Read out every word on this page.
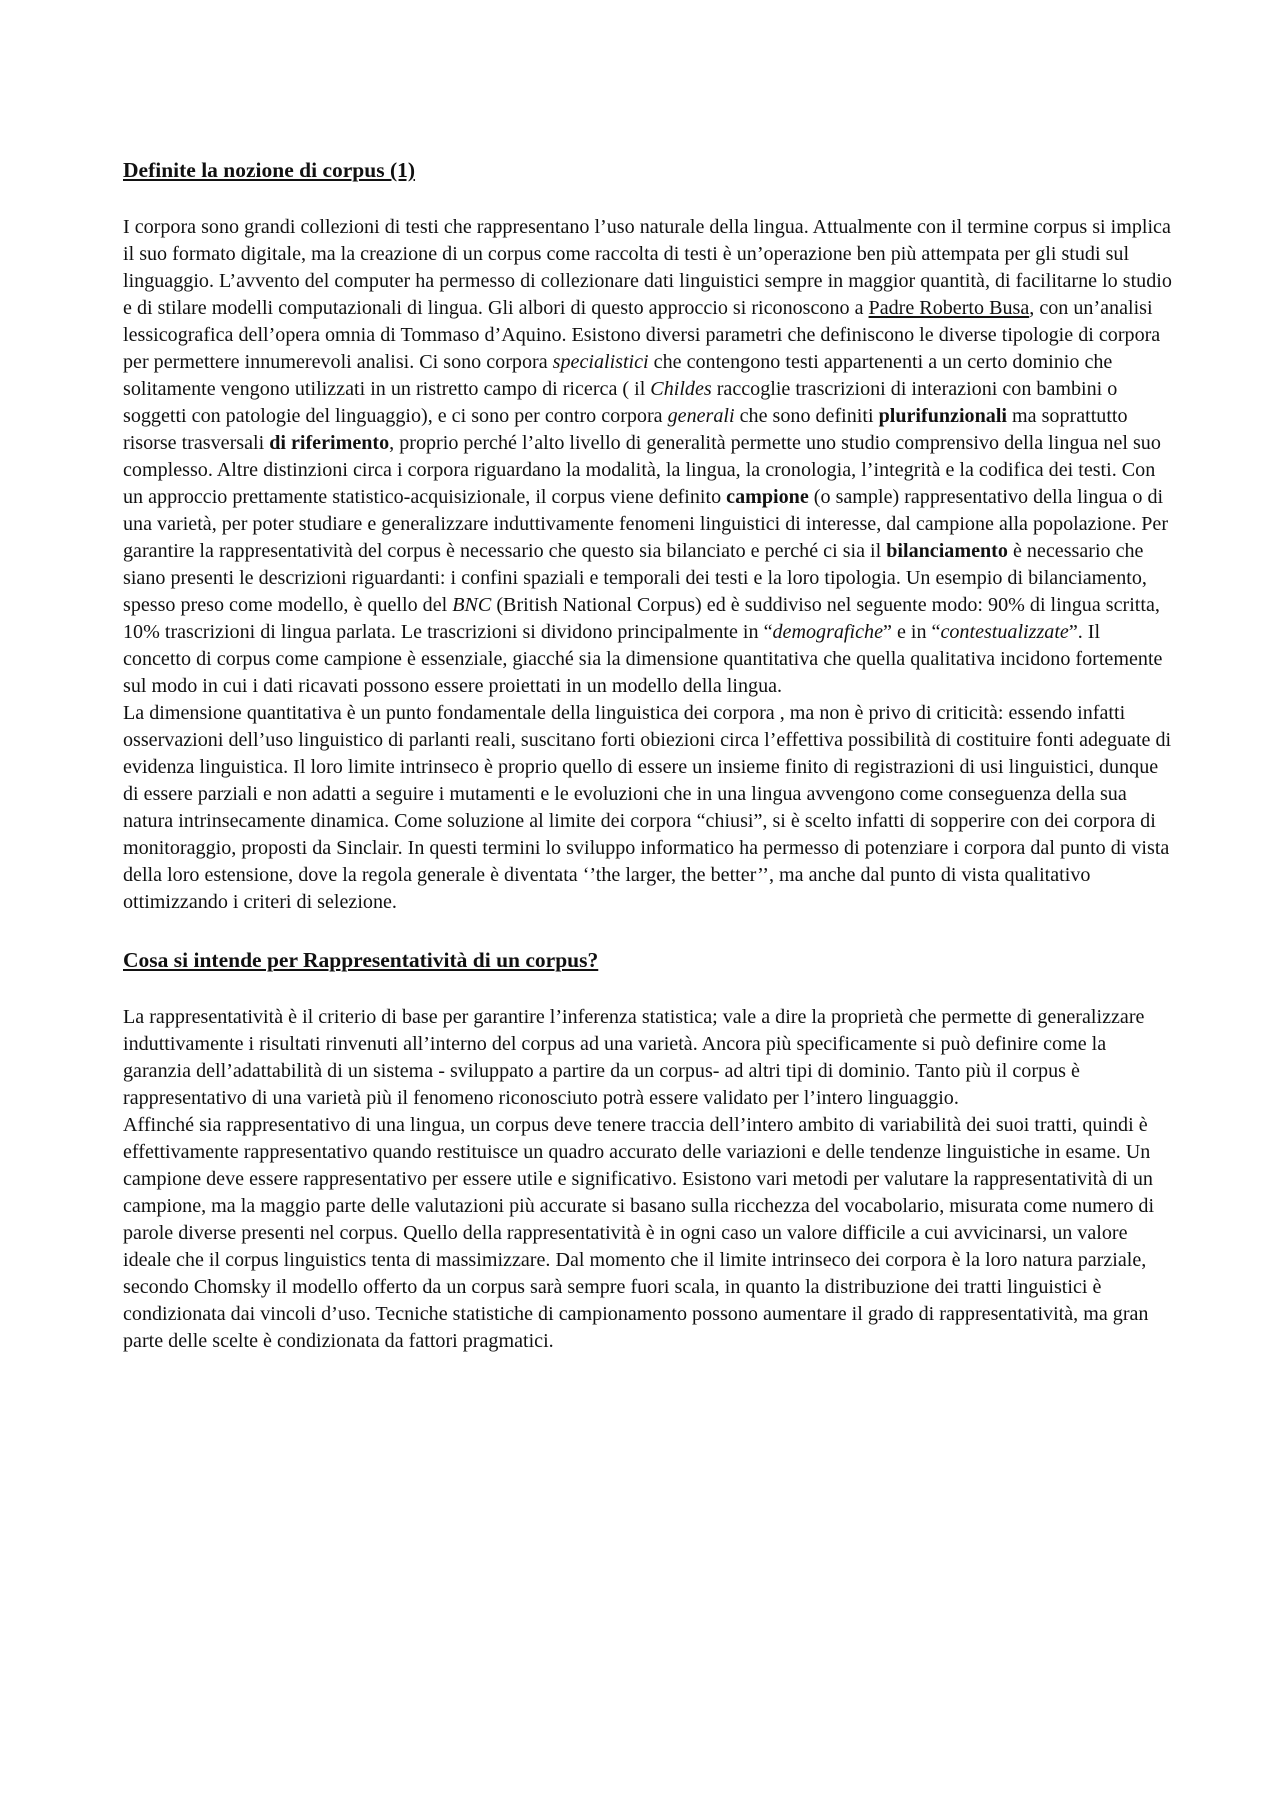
Definite la nozione di corpus (1)

I corpora sono grandi collezioni di testi che rappresentano l’uso naturale della lingua. Attualmente con il termine corpus si implica il suo formato digitale, ma la creazione di un corpus come raccolta di testi è un’operazione ben più attempata per gli studi sul linguaggio. L’avvento del computer ha permesso di collezionare dati linguistici sempre in maggior quantità, di facilitarne lo studio e di stilare modelli computazionali di lingua. Gli albori di questo approccio si riconoscono a Padre Roberto Busa, con un’analisi lessicografica dell’opera omnia di Tommaso d’Aquino. Esistono diversi parametri che definiscono le diverse tipologie di corpora per permettere innumerevoli analisi. Ci sono corpora specialistici che contengono testi appartenenti a un certo dominio che solitamente vengono utilizzati in un ristretto campo di ricerca ( il Childes raccoglie trascrizioni di interazioni con bambini o soggetti con patologie del linguaggio), e ci sono per contro corpora generali che sono definiti plurifunzionali ma soprattutto risorse trasversali di riferimento, proprio perché l’alto livello di generalità permette uno studio comprensivo della lingua nel suo complesso. Altre distinzioni circa i corpora riguardano la modalità, la lingua, la cronologia, l’integrità e la codifica dei testi. Con un approccio prettamente statistico-acquisizionale, il corpus viene definito campione (o sample) rappresentativo della lingua o di una varietà, per poter studiare e generalizzare induttivamente fenomeni linguistici di interesse, dal campione alla popolazione. Per garantire la rappresentatività del corpus è necessario che questo sia bilanciato e perché ci sia il bilanciamento è necessario che siano presenti le descrizioni riguardanti: i confini spaziali e temporali dei testi e la loro tipologia. Un esempio di bilanciamento, spesso preso come modello, è quello del BNC (British National Corpus) ed è suddiviso nel seguente modo: 90% di lingua scritta, 10% trascrizioni di lingua parlata. Le trascrizioni si dividono principalmente in “demografiche” e in “contestualizzate”. Il concetto di corpus come campione è essenziale, giacché sia la dimensione quantitativa che quella qualitativa incidono fortemente sul modo in cui i dati ricavati possono essere proiettati in un modello della lingua.

La dimensione quantitativa è un punto fondamentale della linguistica dei corpora , ma non è privo di criticità: essendo infatti osservazioni dell’uso linguistico di parlanti reali, suscitano forti obiezioni circa l’effettiva possibilità di costituire fonti adeguate di evidenza linguistica. Il loro limite intrinseco è proprio quello di essere un insieme finito di registrazioni di usi linguistici, dunque di essere parziali e non adatti a seguire i mutamenti e le evoluzioni che in una lingua avvengono come conseguenza della sua natura intrinsecamente dinamica. Come soluzione al limite dei corpora “chiusi”, si è scelto infatti di sopperire con dei corpora di monitoraggio, proposti da Sinclair. In questi termini lo sviluppo informatico ha permesso di potenziare i corpora dal punto di vista della loro estensione, dove la regola generale è diventata ‘’the larger, the better’’, ma anche dal punto di vista qualitativo ottimizzando i criteri di selezione.

Cosa si intende per Rappresentatività di un corpus?

La rappresentatività è il criterio di base per garantire l’inferenza statistica; vale a dire la proprietà che permette di generalizzare induttivamente i risultati rinvenuti all’interno del corpus ad una varietà. Ancora più specificamente si può definire come la garanzia dell’adattabilità di un sistema - sviluppato a partire da un corpus- ad altri tipi di dominio. Tanto più il corpus è rappresentativo di una varietà più il fenomeno riconosciuto potrà essere validato per l’intero linguaggio.

Affinché sia rappresentativo di una lingua, un corpus deve tenere traccia dell’intero ambito di variabilità dei suoi tratti, quindi è effettivamente rappresentativo quando restituisce un quadro accurato delle variazioni e delle tendenze linguistiche in esame. Un campione deve essere rappresentativo per essere utile e significativo. Esistono vari metodi per valutare la rappresentatività di un campione, ma la maggio parte delle valutazioni più accurate si basano sulla ricchezza del vocabolario, misurata come numero di parole diverse presenti nel corpus. Quello della rappresentatività è in ogni caso un valore difficile a cui avvicinarsi, un valore ideale che il corpus linguistics tenta di massimizzare. Dal momento che il limite intrinseco dei corpora è la loro natura parziale, secondo Chomsky il modello offerto da un corpus sarà sempre fuori scala, in quanto la distribuzione dei tratti linguistici è condizionata dai vincoli d’uso. Tecniche statistiche di campionamento possono aumentare il grado di rappresentatività, ma gran parte delle scelte è condizionata da fattori pragmatici.
